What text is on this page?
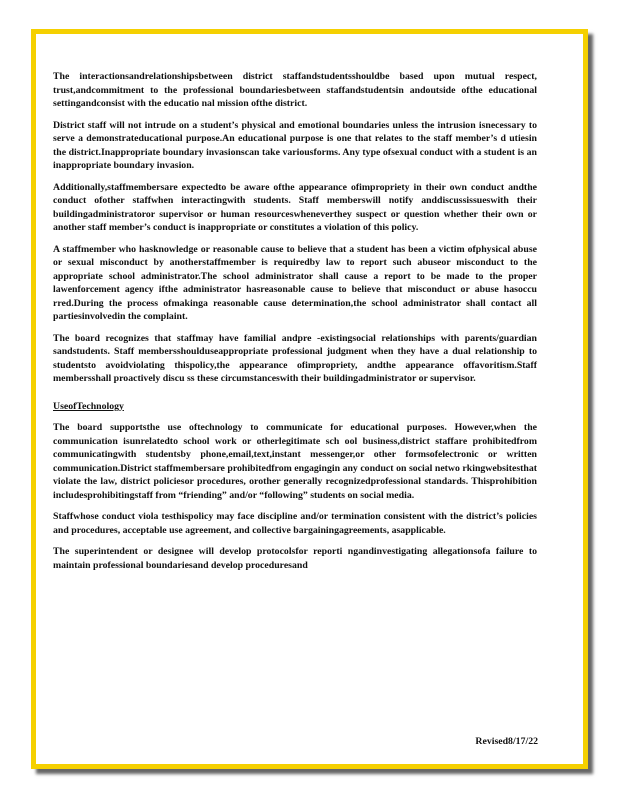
The interactionsandrelationshipsbetween district staffandstudentsshouldbe based upon mutual respect, trust,andcommitment to the professional boundariesbetween staffandstudentsin andoutside ofthe educational settingandconsist with the educatio nal mission ofthe district.

District staff will not intrude on a student’s physical and emotional boundaries unless the intrusion isnecessary to serve a demonstrateducational purpose.An educational purpose is one that relates to the staff member’s d utiesin the district.Inappropriate boundary invasionscan take variousforms. Any type ofsexual conduct with a student is an inappropriate boundary invasion.

Additionally,staffmembersare expectedto be aware ofthe appearance ofimpropriety in their own conduct andthe conduct ofother staffwhen interactingwith students. Staff memberswill notify anddiscussissueswith their buildingadministratoror supervisor or human resourceswheneverthey suspect or question whether their own or another staff member’s conduct is inappropriate or constitutes a violation of this policy.

A staffmember who hasknowledge or reasonable cause to believe that a student has been a victim ofphysical abuse or sexual misconduct by anotherstaffmember is requiredby law to report such abuseor misconduct to the appropriate school administrator.The school administrator shall cause a report to be made to the proper lawenforcement agency ifthe administrator hasreasonable cause to believe that misconduct or abuse hasoccu rred.During the process ofmakinga reasonable cause determination,the school administrator shall contact all partiesinvolvedin the complaint.

The board recognizes that staffmay have familial andpre -existingsocial relationships with parents/guardian sandstudents. Staff membersshoulduseappropriate professional judgment when they have a dual relationship to studentsto avoidviolating thispolicy,the appearance ofimpropriety, andthe appearance offavoritism.Staff membersshall proactively discu ss these circumstanceswith their buildingadministrator or supervisor.

UseofTechnology

The board supportsthe use oftechnology to communicate for educational purposes. However,when the communication isunrelatedto school work or otherlegitimate sch ool business,district staffare prohibitedfrom communicatingwith studentsby phone,email,text,instant messenger,or other formsofelectronic or written communication.District staffmembersare prohibitedfrom engagingin any conduct on social netwo rkingwebsitesthat violate the law, district policiesor procedures, orother generally recognizedprofessional standards. Thisprohibition includesprohibitingstaff from “friending” and/or “following” students on social media.

Staffwhose conduct viola testhispolicy may face discipline and/or termination consistent with the district’s policies and procedures, acceptable use agreement, and collective bargainingagreements, asapplicable.

The superintendent or designee will develop protocolsfor reporti ngandinvestigating allegationsofa failure to maintain professional boundariesand develop proceduresand

Revised8/17/22
